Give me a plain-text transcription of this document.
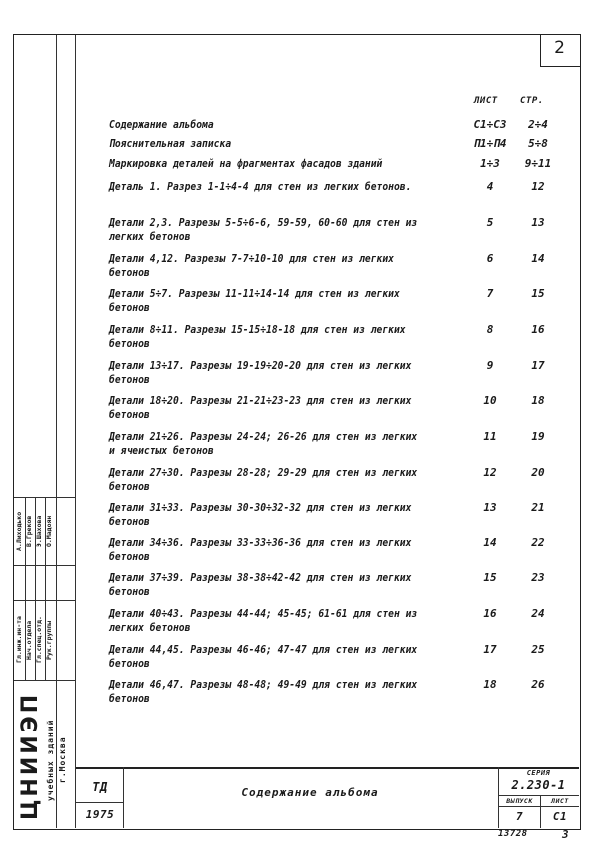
Гл.инж.ин-та
А.Лиходько
Нач.отдела
В.Греков
Гл.спец.отд.
Э.Шахова
Рук.группы
О.Мадоян
ЦНИИЭП учебных зданий г.Москва
2
ЛИСТ СТР.
Содержание альбома	С1÷С3	2÷4
Пояснительная записка	П1÷П4	5÷8
Маркировка деталей на фрагментах фасадов зданий	1÷3	9÷11
Деталь 1. Разрез 1-1÷4-4 для стен из легких бетонов.	4	12
Детали 2,3. Разрезы 5-5÷6-6, 59-59, 60-60 для стен из легких бетонов
5	13
Детали 4,12. Разрезы 7-7÷10-10 для стен из легких бетонов
6	14
Детали 5÷7. Разрезы 11-11÷14-14 для стен из легких бетонов
7	15
Детали 8÷11. Разрезы 15-15÷18-18 для стен из легких бетонов
8	16
Детали 13÷17. Разрезы 19-19÷20-20 для стен из легких бетонов
9	17
Детали 18÷20. Разрезы 21-21÷23-23 для стен из легких бетонов
10	18
Детали 21÷26. Разрезы 24-24; 26-26 для стен из легких и ячеистых бетонов
11	19
Детали 27÷30. Разрезы 28-28; 29-29 для стен из легких бетонов
12	20
Детали 31÷33. Разрезы 30-30÷32-32 для стен из легких бетонов
13	21
Детали 34÷36. Разрезы 33-33÷36-36 для стен из легких бетонов
14	22
Детали 37÷39. Разрезы 38-38÷42-42 для стен из легких бетонов
15	23
Детали 40÷43. Разрезы 44-44; 45-45; 61-61 для стен из легких бетонов
16	24
Детали 44,45. Разрезы 46-46; 47-47 для стен из легких бетонов
17	25
Детали 46,47. Разрезы 48-48; 49-49 для стен из легких бетонов
18	26
ТД
1975
Содержание альбома
СЕРИЯ
2.230-1
ВЫПУСК	ЛИСТ
7	С1
13728	3
